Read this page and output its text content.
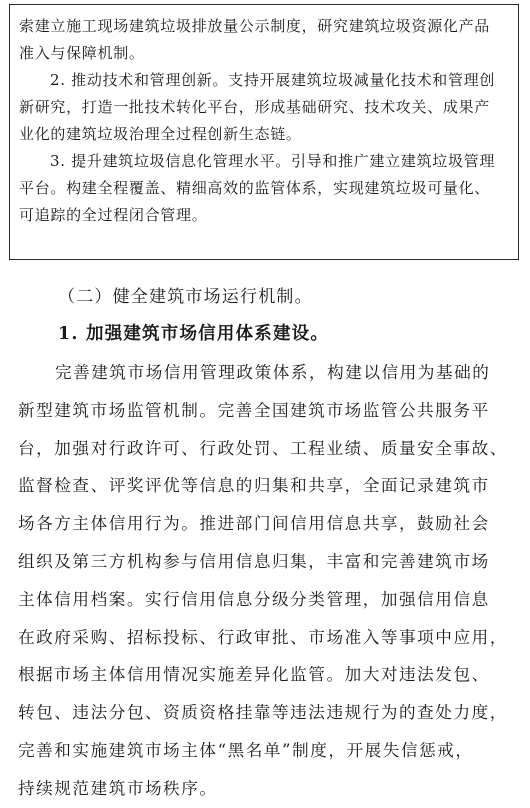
索建立施工现场建筑垃圾排放量公示制度，研究建筑垃圾资源化产品
准入与保障机制。

2. 推动技术和管理创新。支持开展建筑垃圾减量化技术和管理创
新研究，打造一批技术转化平台，形成基础研究、技术攻关、成果产
业化的建筑垃圾治理全过程创新生态链。

3. 提升建筑垃圾信息化管理水平。引导和推广建立建筑垃圾管理
平台。构建全程覆盖、精细高效的监管体系，实现建筑垃圾可量化、
可追踪的全过程闭合管理。

（二）健全建筑市场运行机制。
1. 加强建筑市场信用体系建设。
完善建筑市场信用管理政策体系，构建以信用为基础的
新型建筑市场监管机制。完善全国建筑市场监管公共服务平
台，加强对行政许可、行政处罚、工程业绩、质量安全事故、
监督检查、评奖评优等信息的归集和共享，全面记录建筑市
场各方主体信用行为。推进部门间信用信息共享，鼓励社会
组织及第三方机构参与信用信息归集，丰富和完善建筑市场
主体信用档案。实行信用信息分级分类管理，加强信用信息
在政府采购、招标投标、行政审批、市场准入等事项中应用，
根据市场主体信用情况实施差异化监管。加大对违法发包、
转包、违法分包、资质资格挂靠等违法违规行为的查处力度，
完善和实施建筑市场主体“黑名单”制度，开展失信惩戒，
持续规范建筑市场秩序。
